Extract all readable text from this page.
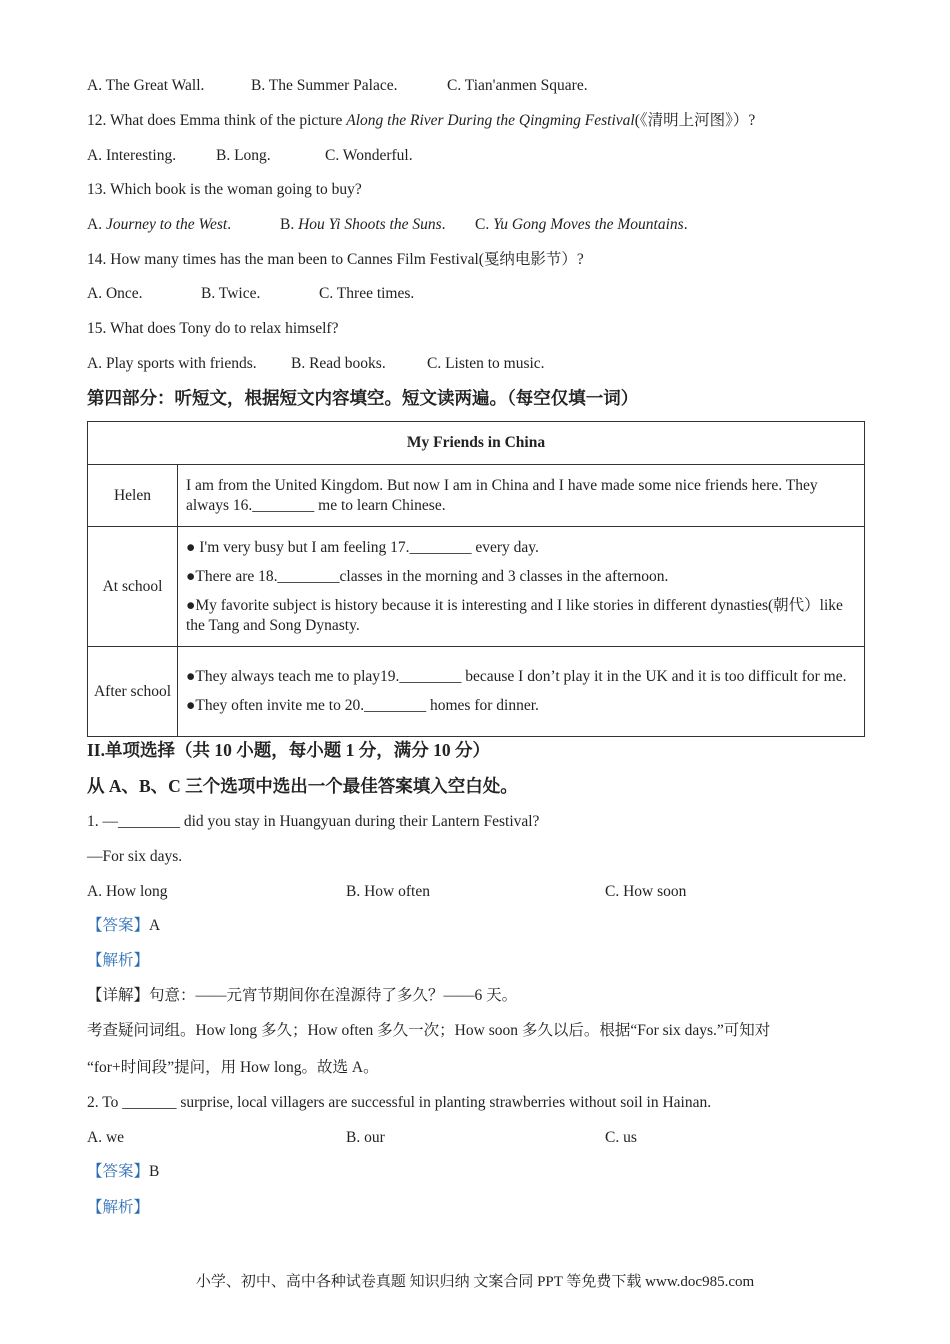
A. The Great Wall.	B. The Summer Palace.	C. Tian'anmen Square.
12. What does Emma think of the picture Along the River During the Qingming Festival(《清明上河图》）?
A. Interesting.	B. Long.	C. Wonderful.
13. Which book is the woman going to buy?
A. Journey to the West.	B. Hou Yi Shoots the Suns. C. Yu Gong Moves the Mountains.
14. How many times has the man been to Cannes Film Festival(戛纳电影节）?
A. Once.	B. Twice.	C. Three times.
15. What does Tony do to relax himself?
A. Play sports with friends. B. Read books.	C. Listen to music.
第四部分：听短文，根据短文内容填空。短文读两遍。（每空仅填一词）
My Friends in China	
Helen	I am from the United Kingdom. But now I am in China and I have made some nice friends here. They always 16.________ me to learn Chinese.

At school	● I'm very busy but I am feeling 17.________ every day.

●There are 18.________classes in the morning and 3 classes in the afternoon.

●My favorite subject is history because it is interesting and I like stories in different dynasties(朝代）like the Tang and Song Dynasty.

After school	●They always teach me to play19.________ because I don’t play it in the UK and it is too difficult for me.

●They often invite me to 20.________ homes for dinner.

II.单项选择（共 10 小题，每小题 1 分，满分 10 分）
从 A、B、C 三个选项中选出一个最佳答案填入空白处。
1. —________ did you stay in Huangyuan during their Lantern Festival?
—For six days.
A. How long	B. How often	C. How soon
【答案】A
【解析】
【详解】句意：——元宵节期间你在湟源待了多久？——6 天。
考查疑问词组。How long 多久；How often 多久一次；How soon 多久以后。根据“For six days.”可知对
“for+时间段”提问，用 How long。故选 A。
2. To _______ surprise, local villagers are successful in planting strawberries without soil in Hainan.
A. we	B. our	C. us
【答案】B
【解析】
小学、初中、高中各种试卷真题 知识归纳 文案合同 PPT 等免费下载 www.doc985.com
